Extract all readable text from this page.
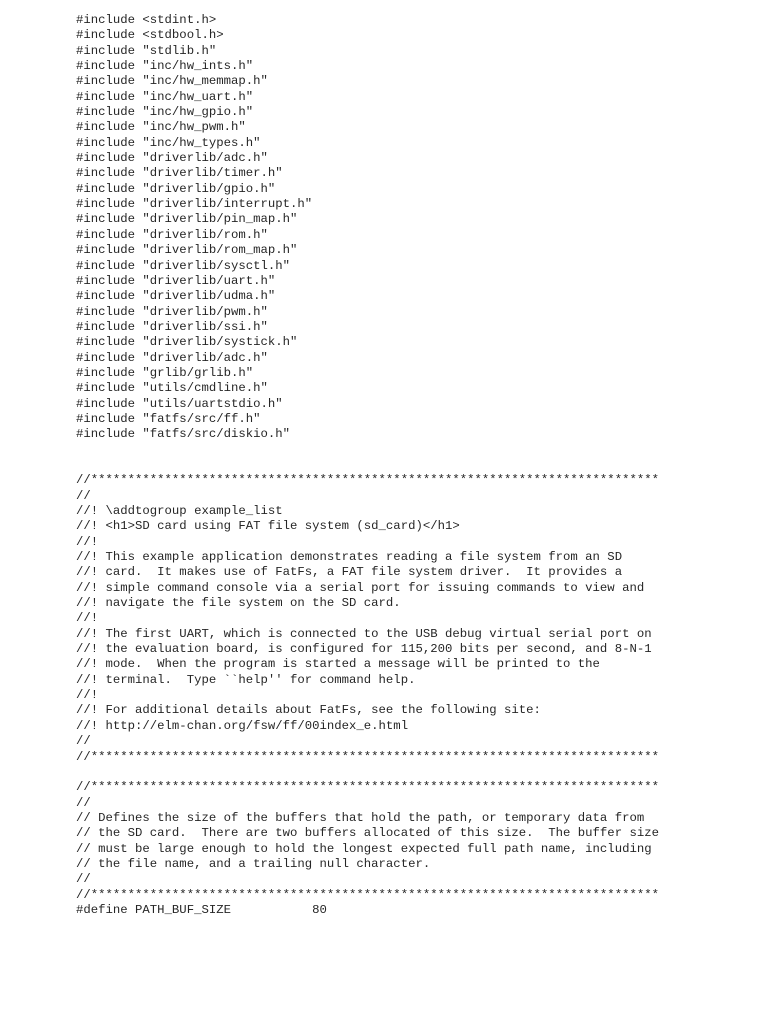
#include <stdint.h>
#include <stdbool.h>
#include "stdlib.h"
#include "inc/hw_ints.h"
#include "inc/hw_memmap.h"
#include "inc/hw_uart.h"
#include "inc/hw_gpio.h"
#include "inc/hw_pwm.h"
#include "inc/hw_types.h"
#include "driverlib/adc.h"
#include "driverlib/timer.h"
#include "driverlib/gpio.h"
#include "driverlib/interrupt.h"
#include "driverlib/pin_map.h"
#include "driverlib/rom.h"
#include "driverlib/rom_map.h"
#include "driverlib/sysctl.h"
#include "driverlib/uart.h"
#include "driverlib/udma.h"
#include "driverlib/pwm.h"
#include "driverlib/ssi.h"
#include "driverlib/systick.h"
#include "driverlib/adc.h"
#include "grlib/grlib.h"
#include "utils/cmdline.h"
#include "utils/uartstdio.h"
#include "fatfs/src/ff.h"
#include "fatfs/src/diskio.h"
//*****************************************************************************
//
//! \addtogroup example_list
//! <h1>SD card using FAT file system (sd_card)</h1>
//!
//! This example application demonstrates reading a file system from an SD
//! card.  It makes use of FatFs, a FAT file system driver.  It provides a
//! simple command console via a serial port for issuing commands to view and
//! navigate the file system on the SD card.
//!
//! The first UART, which is connected to the USB debug virtual serial port on
//! the evaluation board, is configured for 115,200 bits per second, and 8-N-1
//! mode.  When the program is started a message will be printed to the
//! terminal.  Type ``help'' for command help.
//!
//! For additional details about FatFs, see the following site:
//! http://elm-chan.org/fsw/ff/00index_e.html
//
//*****************************************************************************
//*****************************************************************************
//
// Defines the size of the buffers that hold the path, or temporary data from
// the SD card.  There are two buffers allocated of this size.  The buffer size
// must be large enough to hold the longest expected full path name, including
// the file name, and a trailing null character.
//
//*****************************************************************************
#define PATH_BUF_SIZE           80
